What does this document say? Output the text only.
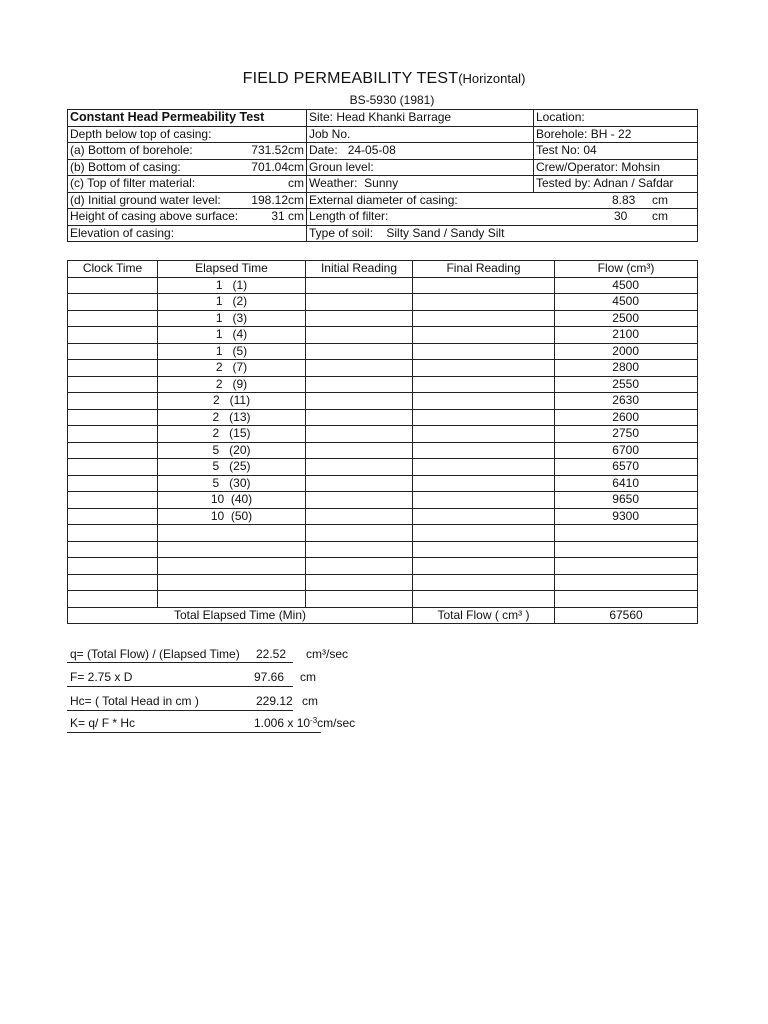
FIELD PERMEABILITY TEST(Horizontal)
BS-5930 (1981)
Constant Head Permeability Test	Site: Head Khanki Barrage	Location:
Depth below top of casing:	Job No.	Borehole: BH - 22

(a) Bottom of borehole: 731.52cm	Date: 24-05-08	Test No: 04

(b) Bottom of casing: 701.04cm	Groun level:	Crew/Operator: Mohsin

(c) Top of filter material: cm	Weather: Sunny	Tested by: Adnan / Safdar

(d) Initial ground water level: 198.12cm	External diameter of casing: 8.83 cm	

Height of casing above surface: 31 cm	Length of filter: 30 cm	

Elevation of casing:	Type of soil: Silty Sand / Sandy Silt	
Clock Time	Elapsed Time	Initial Reading	Final Reading	Flow (cm³)
	1   (1)			4500
	1   (2)			4500
	1   (3)			2500
	1   (4)			2100
	1   (5)			2000
	2   (7)			2800
	2   (9)			2550
	2   (11)			2630
	2   (13)			2600
	2   (15)			2750
	5   (20)			6700
	5   (25)			6570
	5   (30)			6410
	10  (40)			9650
	10  (50)			9300

Total Elapsed Time (Min)			Total Flow ( cm³ )	67560
q= (Total Flow) / (Elapsed Time) 22.52 cm³/sec
F= 2.75 x D	97.66 cm
Hc= ( Total Head in cm )	229.12 cm
K= q/ F * Hc	1.006 x $10^{-3}cm/\sec$
